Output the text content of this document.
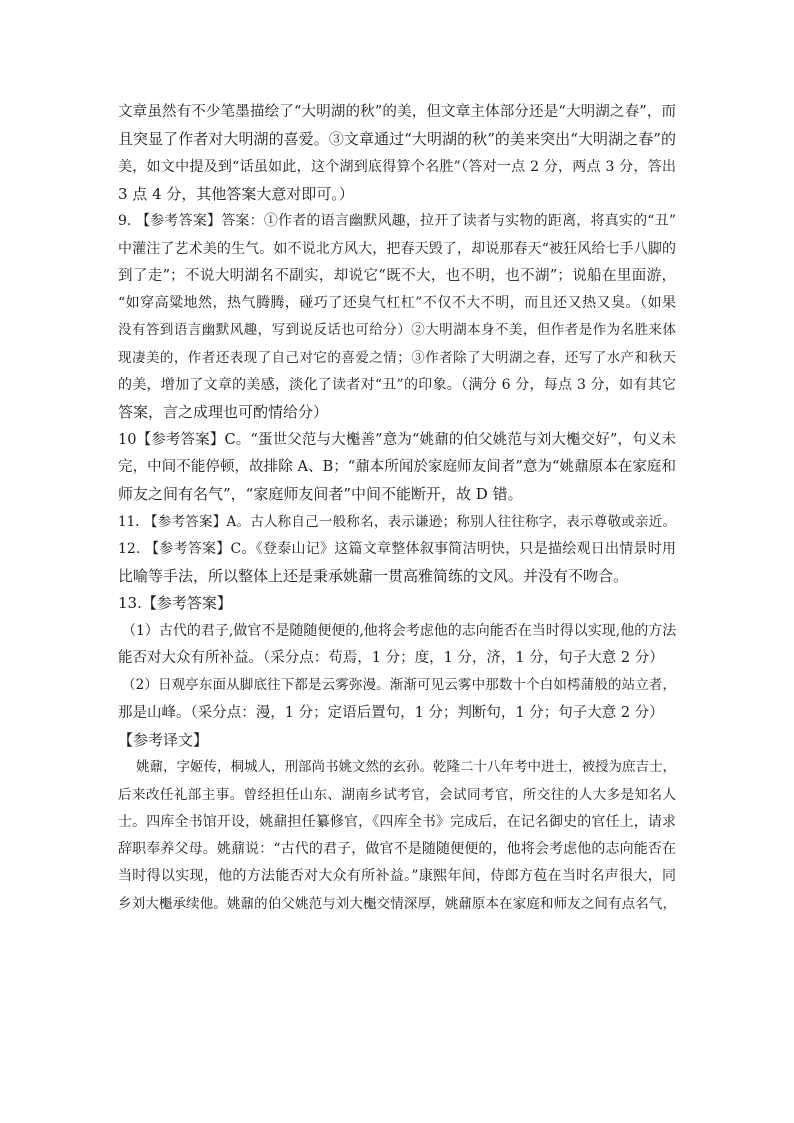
文章虽然有不少笔墨描绘了“大明湖的秋”的美，但文章主体部分还是“大明湖之春”，而
且突显了作者对大明湖的喜爱。③文章通过“大明湖的秋”的美来突出“大明湖之春”的
美，如文中提及到“话虽如此，这个湖到底得算个名胜”（答对一点 2 分，两点 3 分，答出
3 点 4 分，其他答案大意对即可。）
9. 【参考答案】答案：①作者的语言幽默风趣，拉开了读者与实物的距离，将真实的“丑”
中灌注了艺术美的生气。如不说北方风大，把春天毁了，却说那春天“被狂风给七手八脚的
到了走”；不说大明湖名不副实，却说它“既不大，也不明，也不湖”；说船在里面游，
“如穿高粱地然，热气腾腾，碰巧了还臭气杠杠”不仅不大不明，而且还又热又臭。（如果
没有答到语言幽默风趣，写到说反话也可给分）②大明湖本身不美，但作者是作为名胜来体
现凄美的，作者还表现了自己对它的喜爱之情；③作者除了大明湖之春，还写了水产和秋天
的美，增加了文章的美感，淡化了读者对“丑”的印象。（满分 6 分，每点 3 分，如有其它
答案，言之成理也可酌情给分）
10【参考答案】C。“蛋世父范与大櫆善”意为“姚鼐的伯父姚范与刘大櫆交好”，句义未
完，中间不能停顿，故排除 A、B；“鼐本所闻於家庭师友间者”意为“姚鼐原本在家庭和
师友之间有名气”，“家庭师友间者”中间不能断开，故 D 错。
11. 【参考答案】A。古人称自己一般称名，表示谦逊；称别人往往称字，表示尊敬或亲近。
12. 【参考答案】C。《登泰山记》这篇文章整体叙事简洁明快，只是描绘观日出情景时用
比喻等手法，所以整体上还是秉承姚鼐一贯高雅简练的文风。并没有不吻合。
13.【参考答案】
（1）古代的君子,做官不是随随便便的,他将会考虑他的志向能否在当时得以实现,他的方法
能否对大众有所补益。（采分点：苟焉，1 分；度，1 分，济，1 分，句子大意 2 分）
（2）日观亭东面从脚底往下都是云雾弥漫。渐渐可见云雾中那数十个白如樗蒲般的站立者，
那是山峰。（采分点：漫，1 分；定语后置句，1 分；判断句，1 分；句子大意 2 分）
【参考译文】
姚鼐，字姬传，桐城人，刑部尚书姚文然的玄孙。乾隆二十八年考中进士，被授为庶吉士，
后来改任礼部主事。曾经担任山东、湖南乡试考官，会试同考官，所交往的人大多是知名人
士。四库全书馆开设，姚鼐担任纂修官，《四库全书》完成后，在记名御史的官任上，请求
辞职奉养父母。姚鼐说：“古代的君子，做官不是随随便便的，他将会考虑他的志向能否在
当时得以实现，他的方法能否对大众有所补益。”康熙年间，侍郎方苞在当时名声很大，同
乡刘大櫆承续他。姚鼐的伯父姚范与刘大櫆交情深厚，姚鼐原本在家庭和师友之间有点名气，
